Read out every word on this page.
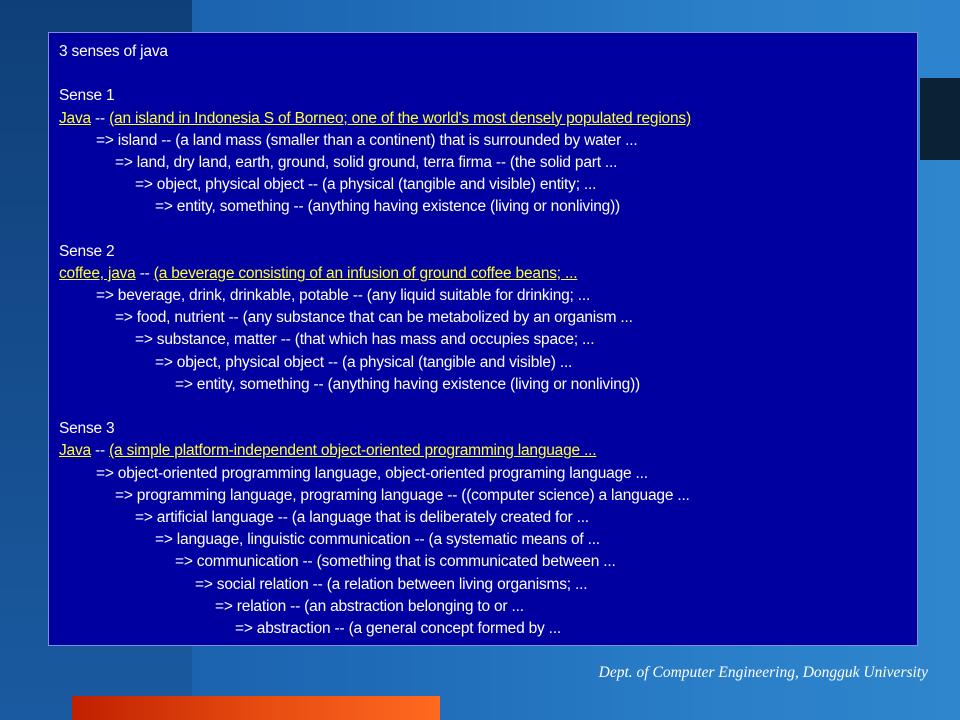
3 senses of java
Sense 1
Java -- (an island in Indonesia S of Borneo; one of the world's most densely populated regions)
=> island -- (a land mass (smaller than a continent) that is surrounded by water ...
=> land, dry land, earth, ground, solid ground, terra firma -- (the solid part ...
=> object, physical object -- (a physical (tangible and visible) entity; ...
=> entity, something -- (anything having existence (living or nonliving))
Sense 2
coffee, java -- (a beverage consisting of an infusion of ground coffee beans; ...
=> beverage, drink, drinkable, potable -- (any liquid suitable for drinking; ...
=> food, nutrient -- (any substance that can be metabolized by an organism ...
=> substance, matter -- (that which has mass and occupies space; ...
=> object, physical object -- (a physical (tangible and visible) ...
=> entity, something -- (anything having existence (living or nonliving))
Sense 3
Java -- (a simple platform-independent object-oriented programming language ...
=> object-oriented programming language, object-oriented programing language ...
=> programming language, programing language -- ((computer science) a language ...
=> artificial language -- (a language that is deliberately created for ...
=> language, linguistic communication -- (a systematic means of ...
=> communication -- (something that is communicated between ...
=> social relation -- (a relation between living organisms; ...
=> relation -- (an abstraction belonging to or ...
=> abstraction -- (a general concept formed by ...
Dept. of Computer Engineering, Dongguk University
